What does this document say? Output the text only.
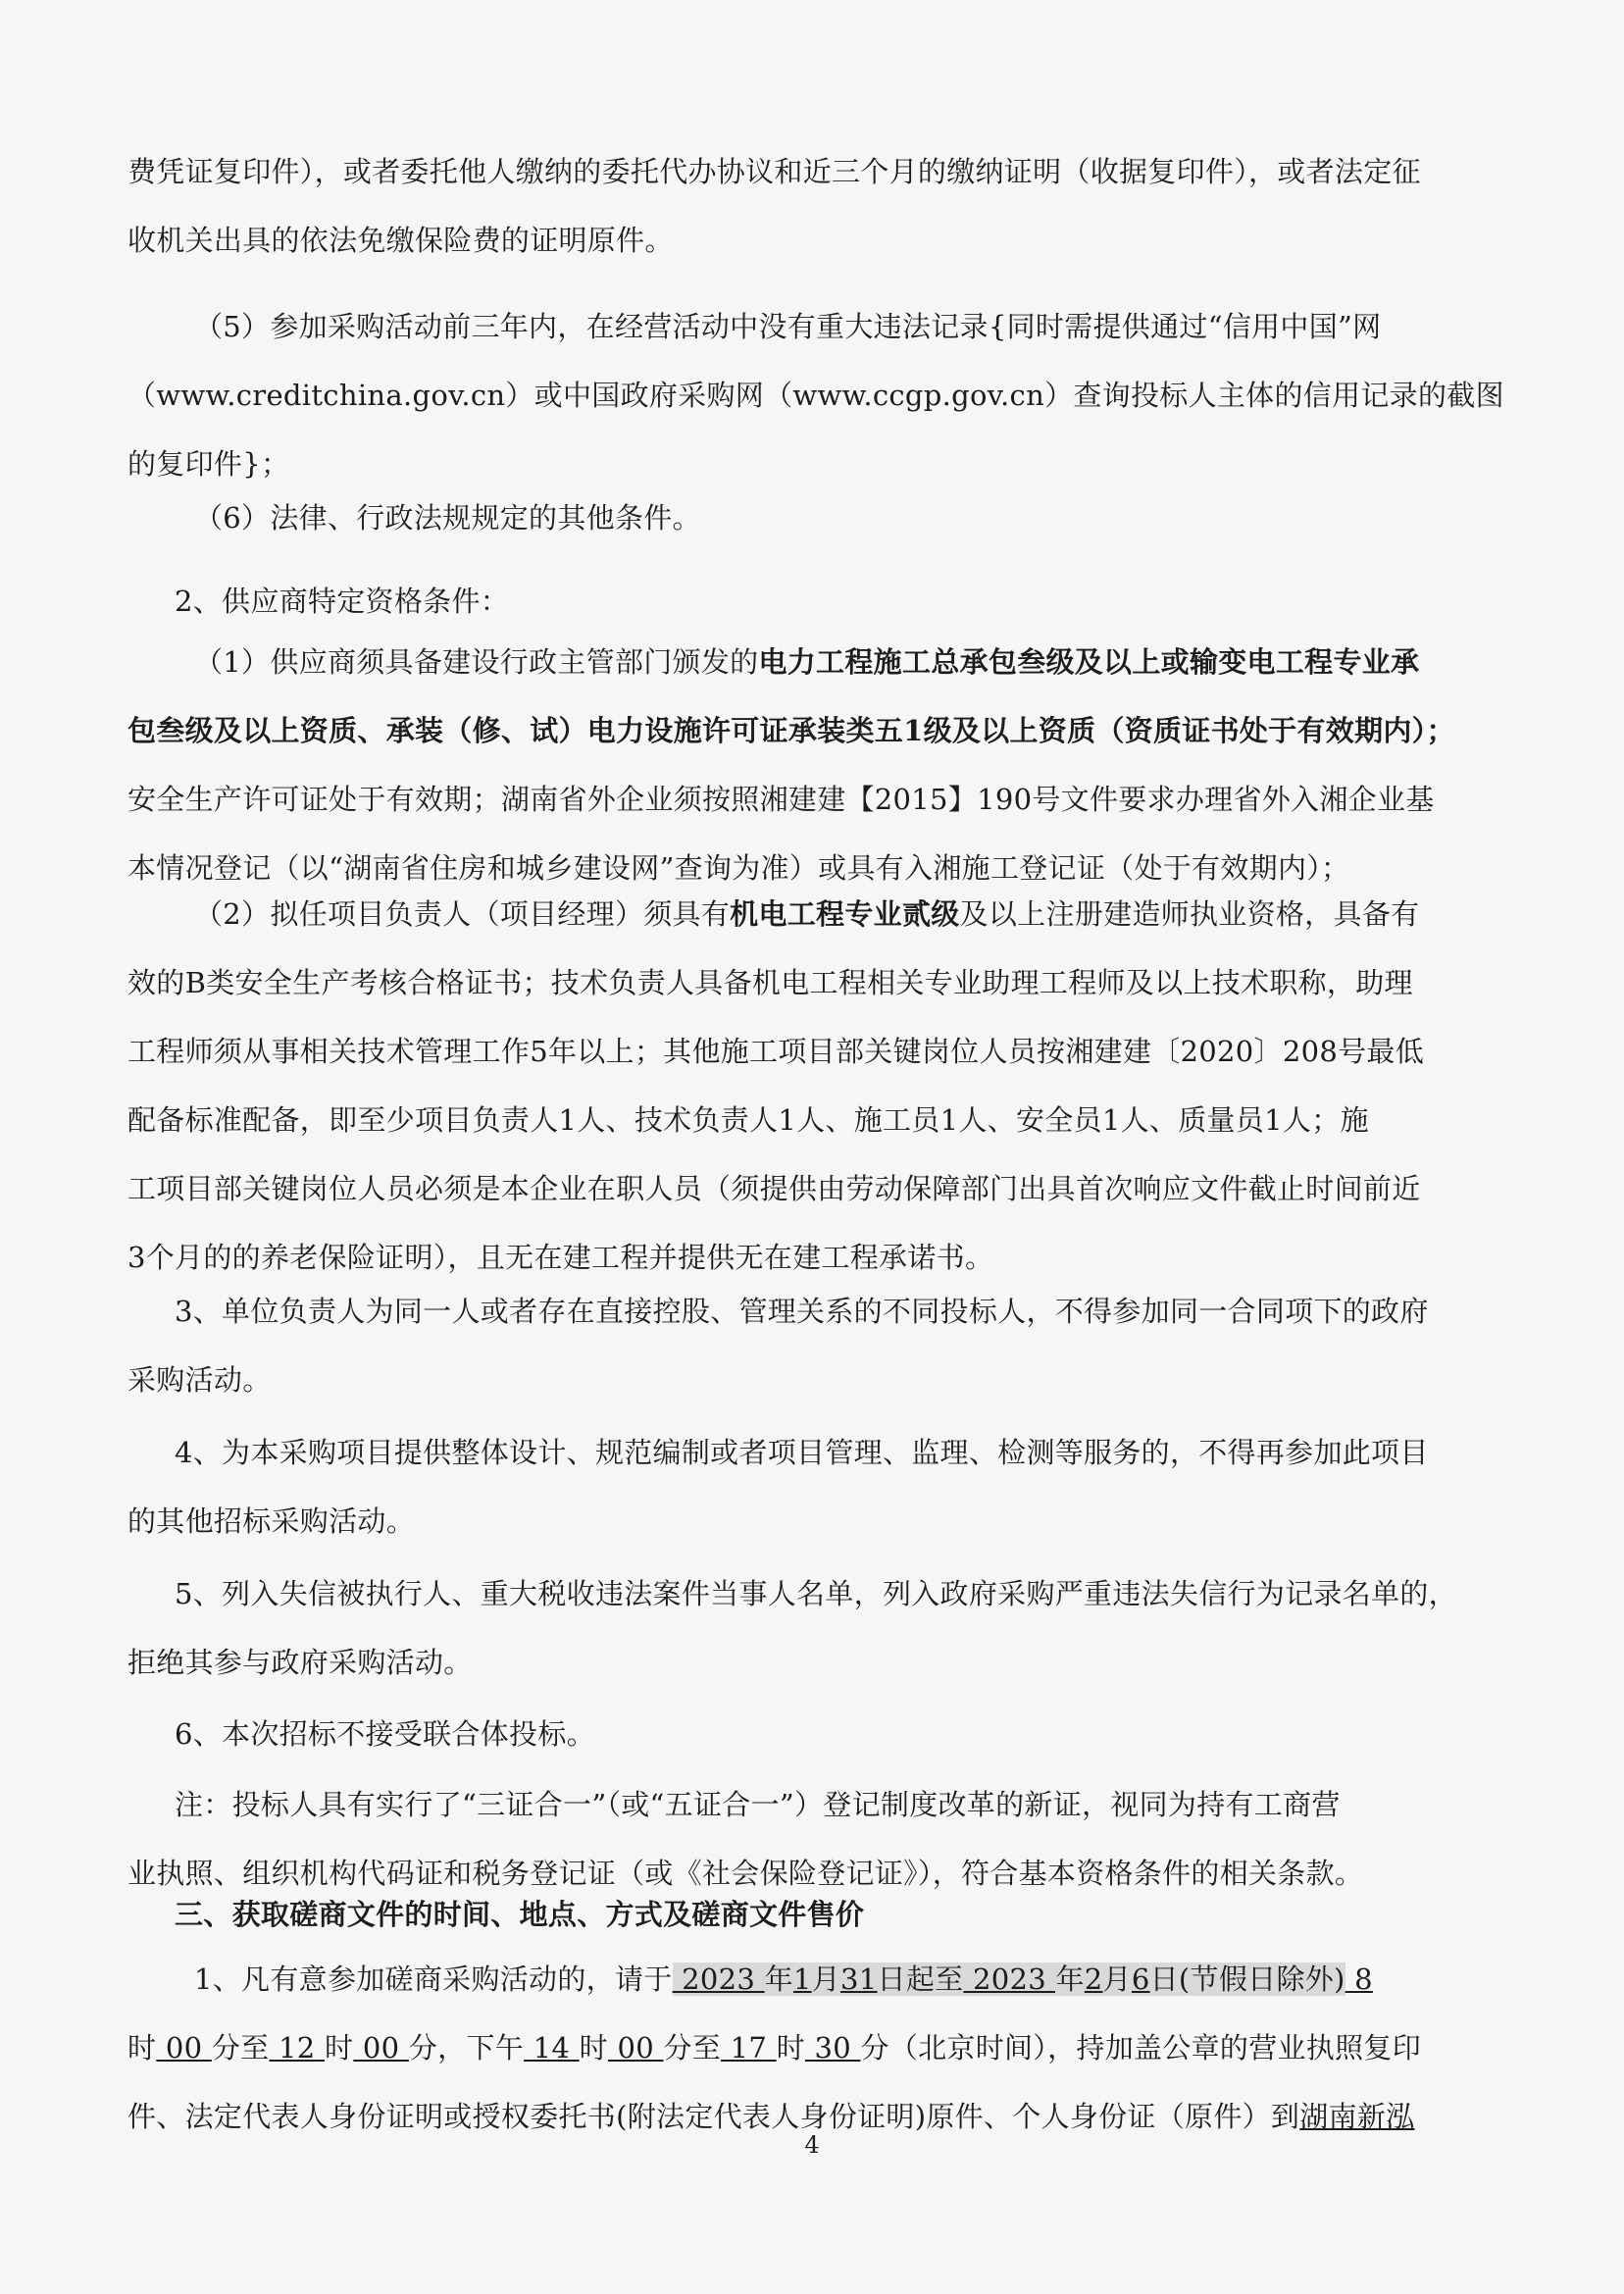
费凭证复印件），或者委托他人缴纳的委托代办协议和近三个月的缴纳证明（收据复印件），或者法定征
收机关出具的依法免缴保险费的证明原件。
（5）参加采购活动前三年内，在经营活动中没有重大违法记录{同时需提供通过“信用中国”网
（www.creditchina.gov.cn）或中国政府采购网（www.ccgp.gov.cn）查询投标人主体的信用记录的截图
的复印件}；
（6）法律、行政法规规定的其他条件。
2、供应商特定资格条件：
（1）供应商须具备建设行政主管部门颁发的电力工程施工总承包叁级及以上或输变电工程专业承
包叁级及以上资质、承装（修、试）电力设施许可证承装类五1级及以上资质（资质证书处于有效期内）；
安全生产许可证处于有效期；湖南省外企业须按照湘建建【2015】190号文件要求办理省外入湘企业基
本情况登记（以“湖南省住房和城乡建设网”查询为准）或具有入湘施工登记证（处于有效期内）；
（2）拟任项目负责人（项目经理）须具有机电工程专业贰级及以上注册建造师执业资格，具备有
效的B类安全生产考核合格证书；技术负责人具备机电工程相关专业助理工程师及以上技术职称，助理
工程师须从事相关技术管理工作5年以上；其他施工项目部关键岗位人员按湘建建〔2020〕208号最低
配备标准配备，即至少项目负责人1人、技术负责人1人、施工员1人、安全员1人、质量员1人；施
工项目部关键岗位人员必须是本企业在职人员（须提供由劳动保障部门出具首次响应文件截止时间前近
3个月的的养老保险证明），且无在建工程并提供无在建工程承诺书。
3、单位负责人为同一人或者存在直接控股、管理关系的不同投标人，不得参加同一合同项下的政府
采购活动。
4、为本采购项目提供整体设计、规范编制或者项目管理、监理、检测等服务的，不得再参加此项目
的其他招标采购活动。
5、列入失信被执行人、重大税收违法案件当事人名单，列入政府采购严重违法失信行为记录名单的，
拒绝其参与政府采购活动。
6、本次招标不接受联合体投标。
注：投标人具有实行了“三证合一”（或“五证合一”）登记制度改革的新证，视同为持有工商营
业执照、组织机构代码证和税务登记证（或《社会保险登记证》），符合基本资格条件的相关条款。
三、获取磋商文件的时间、地点、方式及磋商文件售价
1、凡有意参加磋商采购活动的，请于 2023 年1月31日起至 2023 年2月6日(节假日除外) 8
时 00 分至 12 时 00 分，下午 14 时 00 分至 17 时 30 分（北京时间），持加盖公章的营业执照复印
件、法定代表人身份证明或授权委托书(附法定代表人身份证明)原件、个人身份证（原件）到湖南新泓
4
